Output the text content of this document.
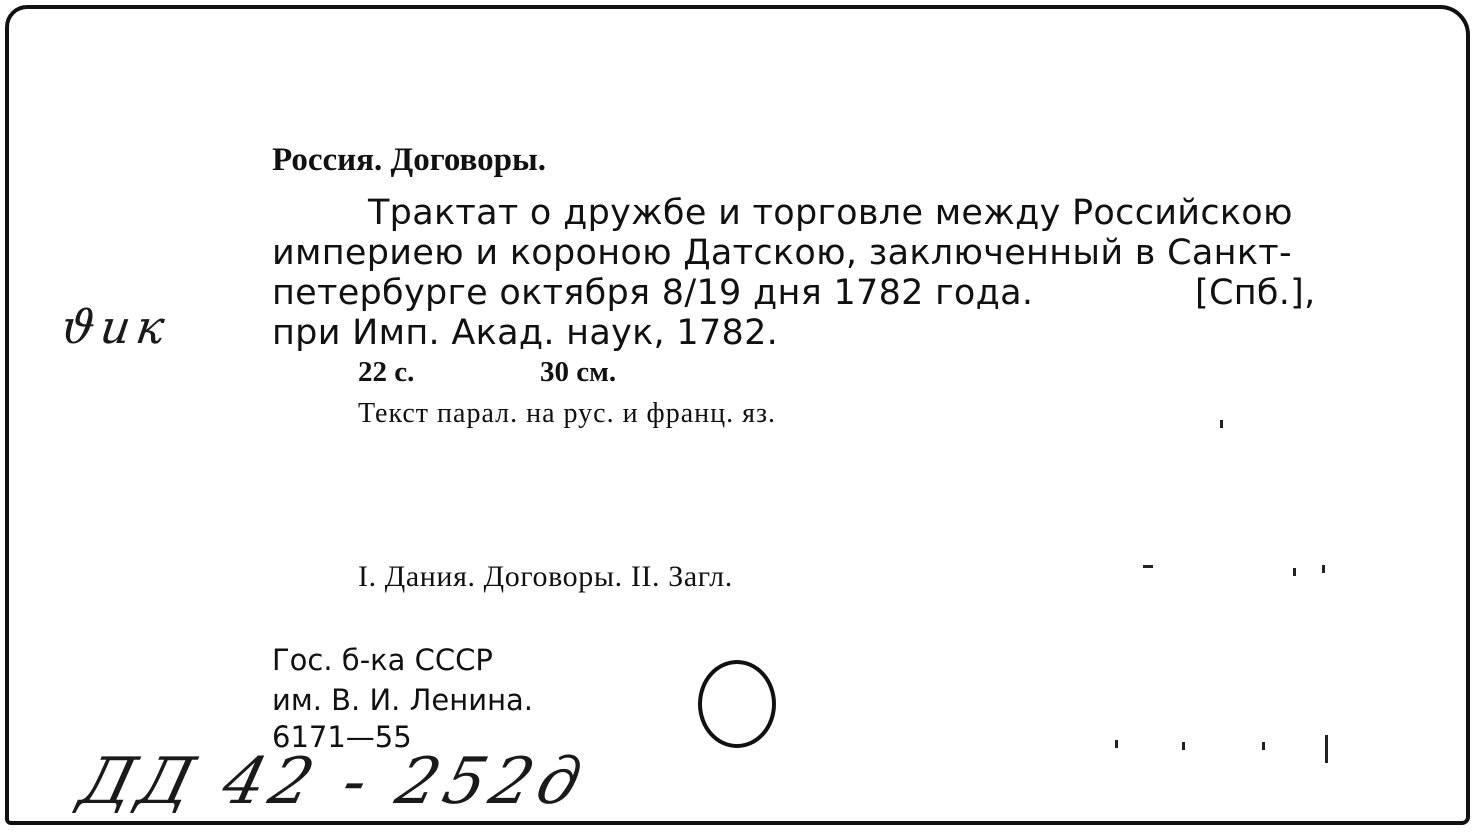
Россия. Договоры.
Трактат о дружбе и торговле между Российскою
империею и коронoю Датскою, заключенный в Санкт-
петербурге октября 8/19 дня 1782 года.	[Спб.],
при Имп. Акад. наук, 1782.
22 с.	30 см.
Текст парал. на рус. и франц. яз.
I. Дания. Договоры. II. Загл.
Гос. б-ка СССР
им. В. И. Ленина.
6171—55
ϑuк
ДД 42 - 252д
